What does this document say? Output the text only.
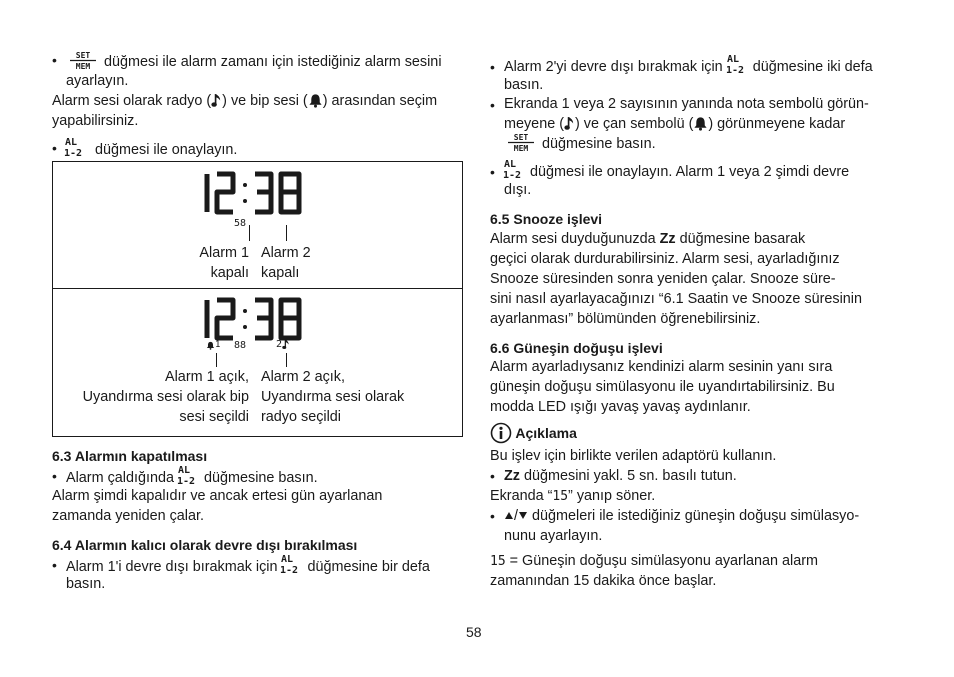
•	düğmesi ile alarm zamanı için istediğiniz alarm sesini
ayarlayın.
Alarm sesi olarak radyo ( ) ve bip sesi ( ) arasından seçim
yapabilirsiniz.
•	düğmesi ile onaylayın.
58
Alarm 1
kapalı
Alarm 2
kapalı
1 88	2
Alarm 1 açık,
Uyandırma sesi olarak bip
sesi seçildi
Alarm 2 açık,
Uyandırma sesi olarak
radyo seçildi
6.3 Alarmın kapatılması
• Alarm çaldığında düğmesine basın.
Alarm şimdi kapalıdır ve ancak ertesi gün ayarlanan
zamanda yeniden çalar.
6.4 Alarmın kalıcı olarak devre dışı bırakılması
• Alarm 1'i devre dışı bırakmak için düğmesine bir defa
basın.
• Alarm 2'yi devre dışı bırakmak için düğmesine iki defa
basın.
• Ekranda 1 veya 2 sayısının yanında nota sembolü görün-
meyene ( ) ve çan sembolü ( ) görünmeyene kadar
düğmesine basın.
•	düğmesi ile onaylayın. Alarm 1 veya 2 şimdi devre
dışı.
6.5 Snooze işlevi
Alarm sesi duyduğunuzda Zz düğmesine basarak
geçici olarak durdurabilirsiniz. Alarm sesi, ayarladığınız
Snooze süresinden sonra yeniden çalar. Snooze süre-
sini nasıl ayarlayacağınızı “6.1 Saatin ve Snooze süresinin
ayarlanması” bölümünden öğrenebilirsiniz.
6.6 Güneşin doğuşu işlevi
Alarm ayarladıysanız kendinizi alarm sesinin yanı sıra
güneşin doğuşu simülasyonu ile uyandırtabilirsiniz. Bu
modda LED ışığı yavaş yavaş aydınlanır.
Açıklama
Bu işlev için birlikte verilen adaptörü kullanın.
• Zz düğmesini yakl. 5 sn. basılı tutun.
Ekranda “15” yanıp söner.
•	/ düğmeleri ile istediğiniz güneşin doğuşu simülasyo-
nunu ayarlayın.
15 = Güneşin doğuşu simülasyonu ayarlanan alarm
zamanından 15 dakika önce başlar.
58
